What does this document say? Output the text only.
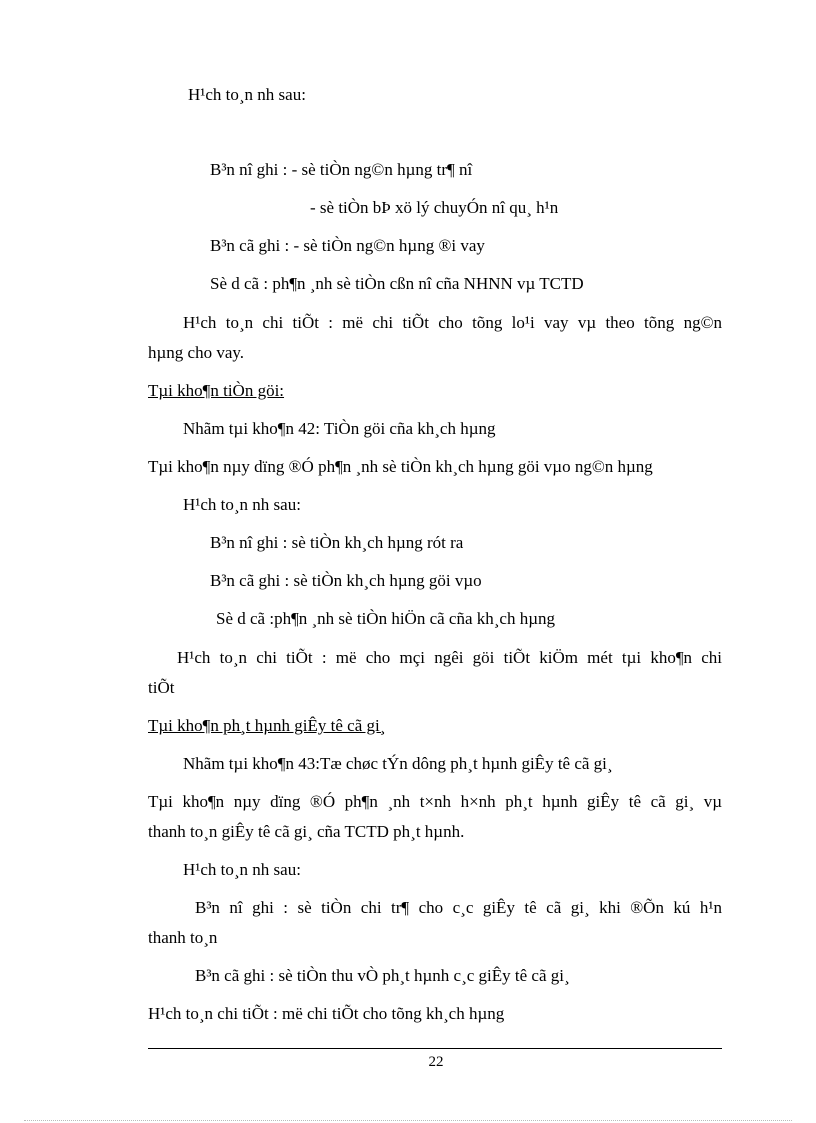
H¹ch to¸n nh sau:
B³n nî ghi : - sè tiÒn ng©n hµng tr¶ nî
- sè tiÒn bÞ xö lý chuyÓn nî qu¸ h¹n
B³n cã ghi : - sè tiÒn ng©n hµng ®i vay
Sè d cã : ph¶n ¸nh sè tiÒn cßn nî cña NHNN vµ TCTD
H¹ch to¸n chi tiÕt : më chi tiÕt cho tõng lo¹i vay vµ theo tõng ng©n
hµng cho vay.
Tµi kho¶n tiÒn göi:
Nhãm tµi kho¶n 42: TiÒn göi cña kh¸ch hµng
Tµi kho¶n nµy dïng ®Ó ph¶n ¸nh sè tiÒn kh¸ch hµng göi vµo ng©n hµng
H¹ch to¸n nh sau:
B³n nî ghi : sè tiÒn kh¸ch hµng rót ra
B³n cã ghi : sè tiÒn kh¸ch hµng göi vµo
Sè d cã :ph¶n ¸nh sè tiÒn hiÖn cã cña kh¸ch hµng
H¹ch to¸n chi tiÕt : më cho mçi ngêi göi tiÕt kiÖm mét tµi kho¶n chi
tiÕt
Tµi kho¶n ph¸t hµnh giÊy tê cã gi¸
Nhãm tµi kho¶n 43:Tæ chøc tÝn dông ph¸t hµnh giÊy tê cã gi¸
Tµi kho¶n nµy dïng ®Ó ph¶n ¸nh t×nh h×nh ph¸t hµnh giÊy tê cã gi¸ vµ
thanh to¸n giÊy tê cã gi¸ cña TCTD ph¸t hµnh.
H¹ch to¸n nh sau:
B³n nî ghi : sè tiÒn chi tr¶ cho c¸c giÊy tê cã gi¸ khi ®Õn kú h¹n
thanh to¸n
B³n cã ghi : sè tiÒn thu vÒ ph¸t hµnh c¸c giÊy tê cã gi¸
H¹ch to¸n chi tiÕt : më chi tiÕt cho tõng kh¸ch hµng
22
